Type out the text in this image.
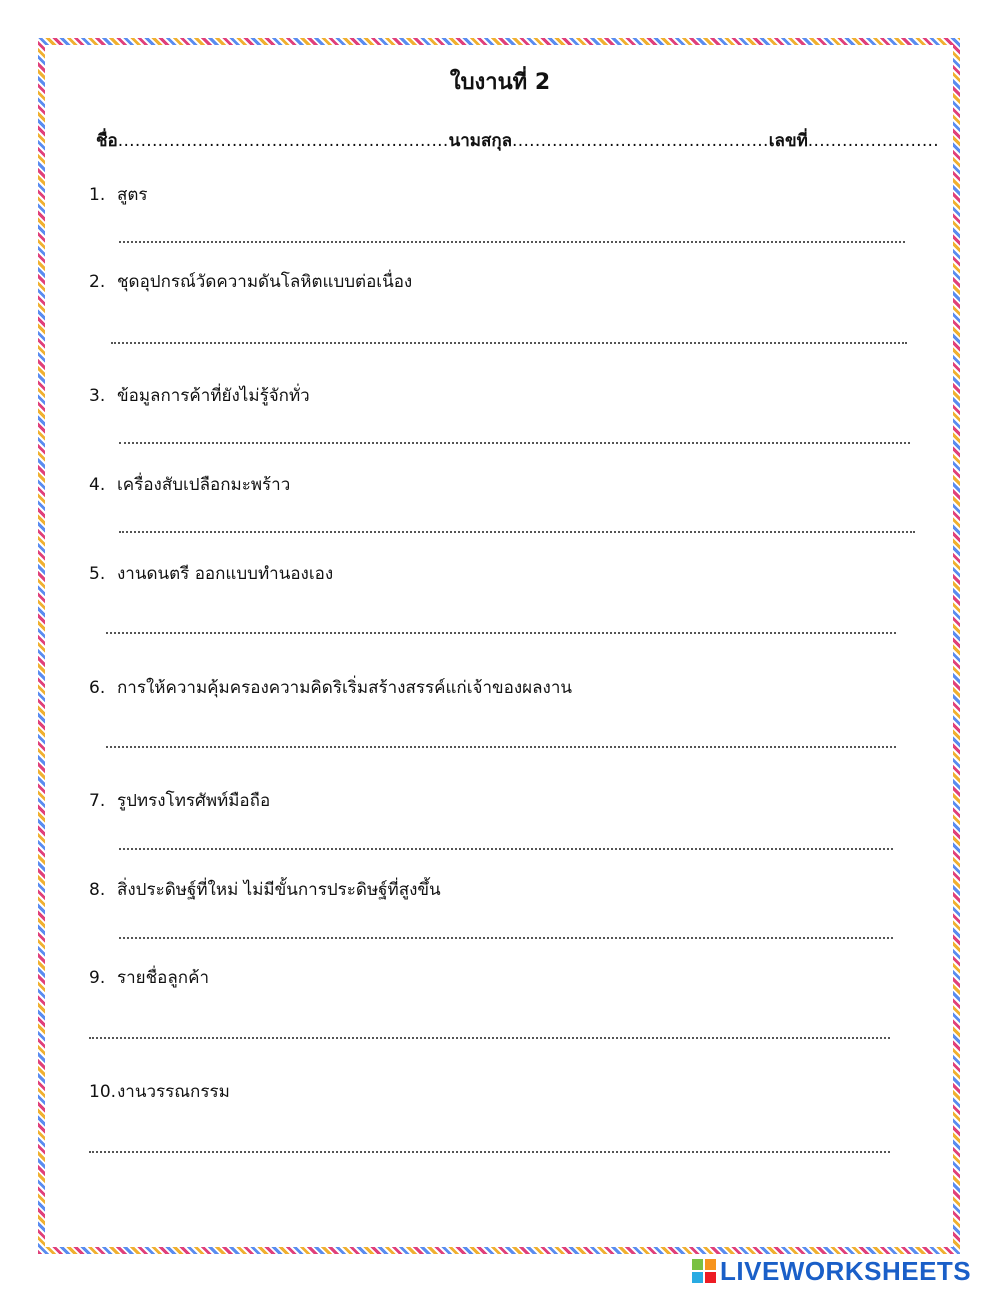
ใบงานที่ 2
ชื่อ..........................................................นามสกุล.............................................เลขที่.......................
1. สูตร
2. ชุดอุปกรณ์วัดความดันโลหิตแบบต่อเนื่อง
3. ข้อมูลการค้าที่ยังไม่รู้จักทั่ว
4. เครื่องสับเปลือกมะพร้าว
5. งานดนตรี ออกแบบทำนองเอง
6. การให้ความคุ้มครองความคิดริเริ่มสร้างสรรค์แก่เจ้าของผลงาน
7. รูปทรงโทรศัพท์มือถือ
8. สิ่งประดิษฐ์ที่ใหม่ ไม่มีขั้นการประดิษฐ์ที่สูงขึ้น
9. รายชื่อลูกค้า
10.งานวรรณกรรม
LIVEWORKSHEETS
